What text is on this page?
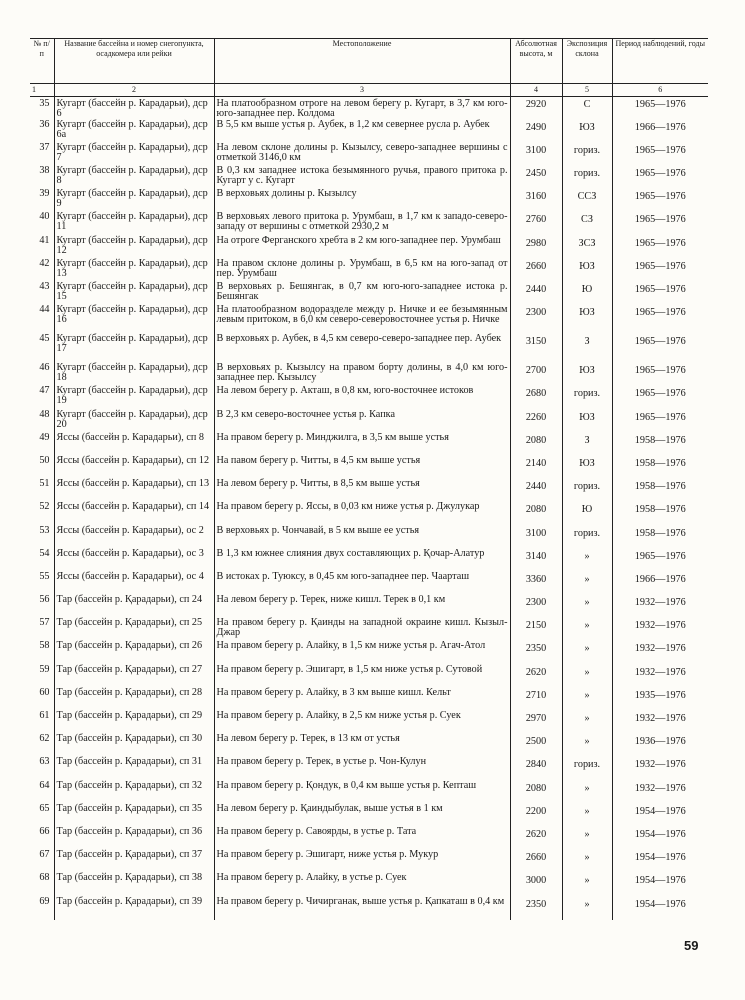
№ п/п	Название бассейна и номер снегопункта, осадкомера или рейки	Местоположение	Абсолютная высота, м	Экспозиция склона	Период наблюдений, годы
1	2	3	4	5	6
35	Кугарт (бассейн р. Карадарьи), дср 6	На платообразном отроге на левом берегу р. Кугарт, в 3,7 км юго-юго-западнее пер. Колдома	2920	С	1965—1976
36	Кугарт (бассейн р. Карадарьи), дср 6а	В 5,5 км выше устья р. Аубек, в 1,2 км севернее русла р. Аубек	2490	ЮЗ	1966—1976
37	Кугарт (бассейн р. Карадарьи), дср 7	На левом склоне долины р. Кызылсу, северо-западнее вершины с отметкой 3146,0 км	3100	гориз.	1965—1976
38	Кугарт (бассейн р. Карадарьи), дср 8	В 0,3 км западнее истока безымянного ручья, правого притока р. Кугарт у с. Кугарт	2450	гориз.	1965—1976
39	Кугарт (бассейн р. Карадарьи), дср 9	В верховьях долины р. Кызылсу	3160	ССЗ	1965—1976
40	Кугарт (бассейн р. Карадарьи), дср 11	В верховьях левого притока р. Урумбаш, в 1,7 км к западо-северо-западу от вершины с отметкой 2930,2 м	2760	СЗ	1965—1976
41	Кугарт (бассейн р. Карадарьи), дср 12	На отроге Ферганского хребта в 2 км юго-западнее пер. Урумбаш	2980	ЗСЗ	1965—1976
42	Кугарт (бассейн р. Карадарьи), дср 13	На правом склоне долины р. Урумбаш, в 6,5 км на юго-запад от пер. Урумбаш	2660	ЮЗ	1965—1976
43	Кугарт (бассейн р. Карадарьи), дср 15	В верховьях р. Бешянгак, в 0,7 км юго-юго-западнее истока р. Бешянгак	2440	Ю	1965—1976
44	Кугарт (бассейн р. Карадарьи), дср 16	На платообразном водоразделе между р. Ничке и ее безымянным левым притоком, в 6,0 км северо-северовосточнее устья р. Ничке	2300	ЮЗ	1965—1976
45	Кугарт (бассейн р. Карадарьи), дср 17	В верховьях р. Аубек, в 4,5 км северо-северо-западнее пер. Аубек	3150	З	1965—1976
46	Кугарт (бассейн р. Карадарьи), дср 18	В верховьях р. Кызылсу на правом борту долины, в 4,0 км юго-западнее пер. Кызылсу	2700	ЮЗ	1965—1976
47	Кугарт (бассейн р. Карадарьи), дср 19	На левом берегу р. Акташ, в 0,8 км, юго-восточнее истоков	2680	гориз.	1965—1976
48	Кугарт (бассейн р. Карадарьи), дср 20	В 2,3 км северо-восточнее устья р. Капка	2260	ЮЗ	1965—1976
49	Яссы (бассейн р. Карадарьи), сп 8	На правом берегу р. Минджилга, в 3,5 км выше устья	2080	З	1958—1976
50	Яссы (бассейн р. Карадарьи), сп 12	На павом берегу р. Читты, в 4,5 км выше устья	2140	ЮЗ	1958—1976
51	Яссы (бассейн р. Карадарьи), сп 13	На левом берегу р. Читты, в 8,5 км выше устья	2440	гориз.	1958—1976
52	Яссы (бассейн р. Карадарьи), сп 14	На правом берегу р. Яссы, в 0,03 км ниже устья р. Джулукар	2080	Ю	1958—1976
53	Яссы (бассейн р. Карадарьи), ос 2	В верховьях р. Чончавай, в 5 км выше ее устья	3100	гориз.	1958—1976
54	Яссы (бассейн р. Карадарьи), ос 3	В 1,3 км южнее слияния двух составляющих р. Қочар-Алатур	3140	»	1965—1976
55	Яссы (бассейн р. Карадарьи), ос 4	В истоках р. Туюксу, в 0,45 км юго-западнее пер. Чаарташ	3360	»	1966—1976
56	Тар (бассейн р. Қарадарьи), сп 24	На левом берегу р. Терек, ниже кишл. Терек в 0,1 км	2300	»	1932—1976
57	Тар (бассейн р. Қарадарьи), сп 25	На правом берегу р. Қаинды на западной окраине кишл. Кызыл-Джар	2150	»	1932—1976
58	Тар (бассейн р. Қарадарьи), сп 26	На правом берегу р. Алайку, в 1,5 км ниже устья р. Агач-Атол	2350	»	1932—1976
59	Тар (бассейн р. Қарадарьи), сп 27	На правом берегу р. Эшигарт, в 1,5 км ниже устья р. Сутовой	2620	»	1932—1976
60	Тар (бассейн р. Қарадарьи), сп 28	На правом берегу р. Алайку, в 3 км выше кишл. Кельт	2710	»	1935—1976
61	Тар (бассейн р. Қарадарьи), сп 29	На правом берегу р. Алайку, в 2,5 км ниже устья р. Суек	2970	»	1932—1976
62	Тар (бассейн р. Қарадарьи), сп 30	На левом берегу р. Терек, в 13 км от устья	2500	»	1936—1976
63	Тар (бассейн р. Қарадарьи), сп 31	На правом берегу р. Терек, в устье р. Чон-Кулун	2840	гориз.	1932—1976
64	Тар (бассейн р. Қарадарьи), сп 32	На правом берегу р. Қондук, в 0,4 км выше устья р. Кепташ	2080	»	1932—1976
65	Тар (бассейн р. Қарадарьи), сп 35	На левом берегу р. Қаиндыбулак, выше устья в 1 км	2200	»	1954—1976
66	Тар (бассейн р. Қарадарьи), сп 36	На правом берегу р. Савоярды, в устье р. Тата	2620	»	1954—1976
67	Тар (бассейн р. Қарадарьи), сп 37	На правом берегу р. Эшигарт, ниже устья р. Мукур	2660	»	1954—1976
68	Тар (бассейн р. Қарадарьи), сп 38	На правом берегу р. Алайку, в устье р. Суек	3000	»	1954—1976
69	Тар (бассейн р. Қарадарьи), сп 39	На правом берегу р. Чичирганак, выше устья р. Қапкаташ в 0,4 км	2350	»	1954—1976
59
